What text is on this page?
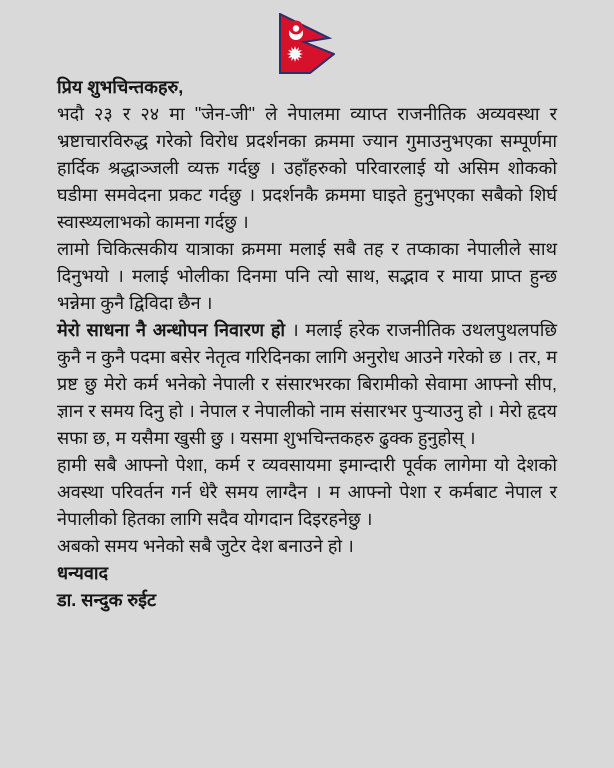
प्रिय शुभचिन्तकहरु,

भदौ २३ र २४ मा "जेन-जी" ले नेपालमा व्याप्त राजनीतिक अव्यवस्था र भ्रष्टाचारविरुद्ध गरेको विरोध प्रदर्शनका क्रममा ज्यान गुमाउनुभएका सम्पूर्णमा हार्दिक श्रद्धाञ्जली व्यक्त गर्दछु । उहाँहरुको परिवारलाई यो असिम शोकको घडीमा समवेदना प्रकट गर्दछु । प्रदर्शनकै क्रममा घाइते हुनुभएका सबैको शिर्घ स्वास्थ्यलाभको कामना गर्दछु ।

लामो चिकित्सकीय यात्राका क्रममा मलाई सबै तह र तप्काका नेपालीले साथ दिनुभयो । मलाई भोलीका दिनमा पनि त्यो साथ, सद्भाव र माया प्राप्त हुन्छ भन्नेमा कुनै द्विविदा छैन ।

मेरो साधना नै अन्धोपन निवारण हो । मलाई हरेक राजनीतिक उथलपुथलपछि कुनै न कुनै पदमा बसेर नेतृत्व गरिदिनका लागि अनुरोध आउने गरेको छ । तर, म प्रष्ट छु मेरो कर्म भनेको नेपाली र संसारभरका बिरामीको सेवामा आफ्नो सीप, ज्ञान र समय दिनु हो । नेपाल र नेपालीको नाम संसारभर पुऱ्याउनु हो । मेरो हृदय सफा छ, म यसैमा खुसी छु । यसमा शुभचिन्तकहरु ढुक्क हुनुहोस् ।

हामी सबै आफ्नो पेशा, कर्म र व्यवसायमा इमान्दारी पूर्वक लागेमा यो देशको अवस्था परिवर्तन गर्न धेरै समय लाग्दैन । म आफ्नो पेशा र कर्मबाट नेपाल र नेपालीको हितका लागि सदैव योगदान दिइरहनेछु ।

अबको समय भनेको सबै जुटेर देश बनाउने हो ।

धन्यवाद

डा. सन्दुक रुईट
